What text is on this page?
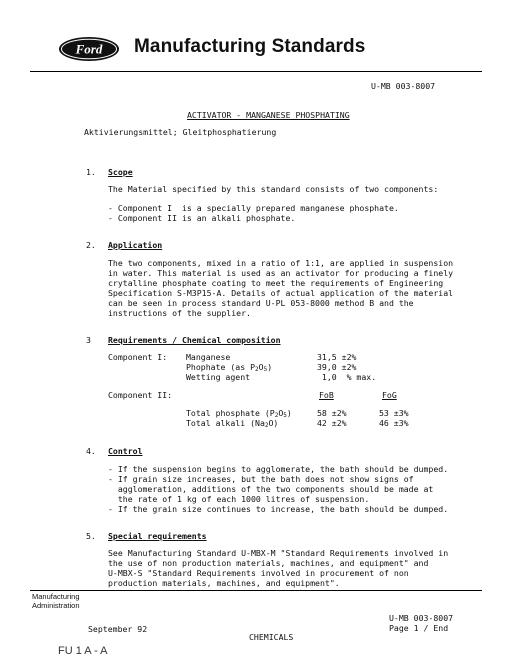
Ford Manufacturing Standards
U-MB 003-8007
ACTIVATOR - MANGANESE PHOSPHATING
Aktivierungsmittel; Gleitphosphatierung
1. Scope
The Material specified by this standard consists of two components:
- Component I  is a specially prepared manganese phosphate.
- Component II is an alkali phosphate.
2. Application
The two components, mixed in a ratio of 1:1, are applied in suspension
in water. This material is used as an activator for producing a finely
crytalline phosphate coating to meet the requirements of Engineering
Specification S-M3P15-A. Details of actual application of the material
can be seen in process standard U-PL 053-8000 method B and the
instructions of the supplier.
3 Requirements / Chemical composition
Component I: Manganese	31,5 ±2%
Phophate (as $P_2O_5$)	39,0 ±2%
Wetting agent	1,0  % max.
Component II:	FoB	FoG
Total phosphate $(P_2O_5)$	58 ±2%	53 ±3%
Total alkali $(Na_2O)$	42 ±2%	46 ±3%
4. Control
- If the suspension begins to agglomerate, the bath should be dumped.
- If grain size increases, but the bath does not show signs of
agglomeration, additions of the two components should be made at
the rate of 1 kg of each 1000 litres of suspension.
- If the grain size continues to increase, the bath should be dumped.
5. Special requirements
See Manufacturing Standard U-MBX-M "Standard Requirements involved in
the use of non production materials, machines, and equipment" and
U-MBX-S "Standard Requirements involved in procurement of non
production materials, machines, and equipment".
Manufacturing
Administration
U-MB 003-8007
Page 1 / End
September 92
CHEMICALS
FU 1 A - A
